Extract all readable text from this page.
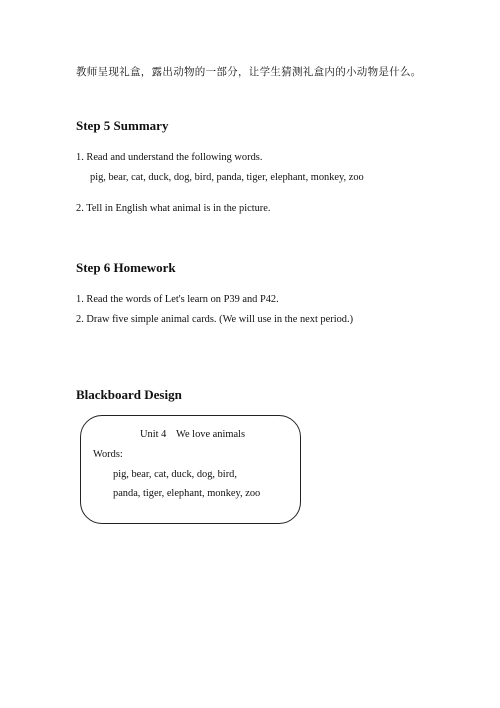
教师呈现礼盒，露出动物的一部分，让学生猜测礼盒内的小动物是什么。
Step 5 Summary
1. Read and understand the following words.
pig, bear, cat, duck, dog, bird, panda, tiger, elephant, monkey, zoo
2. Tell in English what animal is in the picture.
Step 6 Homework
1. Read the words of Let's learn on P39 and P42.
2. Draw five simple animal cards. (We will use in the next period.)
Blackboard Design
Unit 4 We love animals
Words:
pig, bear, cat, duck, dog, bird,
panda, tiger, elephant, monkey, zoo
